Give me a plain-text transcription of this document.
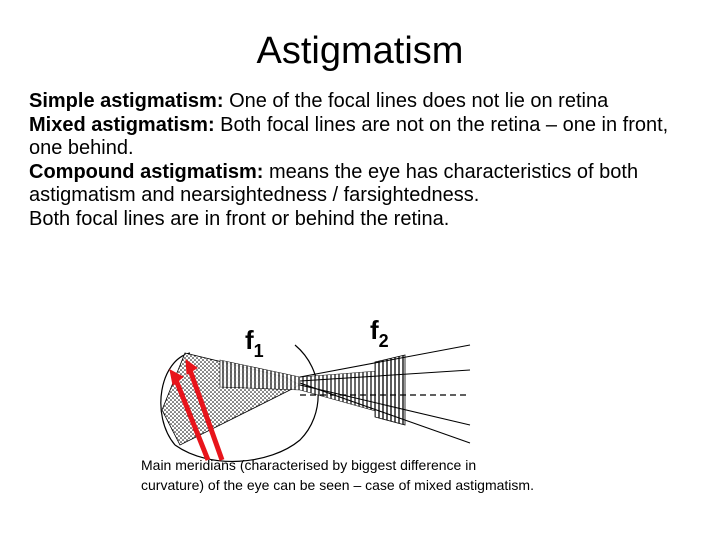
Astigmatism

Simple astigmatism: One of the focal lines does not lie on retina

Mixed astigmatism: Both focal lines are not on the retina – one in front, one behind.

Compound astigmatism: means the eye has characteristics of both astigmatism and nearsightedness / farsightedness.

Both focal lines are in front or behind the retina.

$f_1$
$f_2$
Main meridians (characterised by biggest difference in curvature) of the eye can be seen – case of mixed astigmatism.
